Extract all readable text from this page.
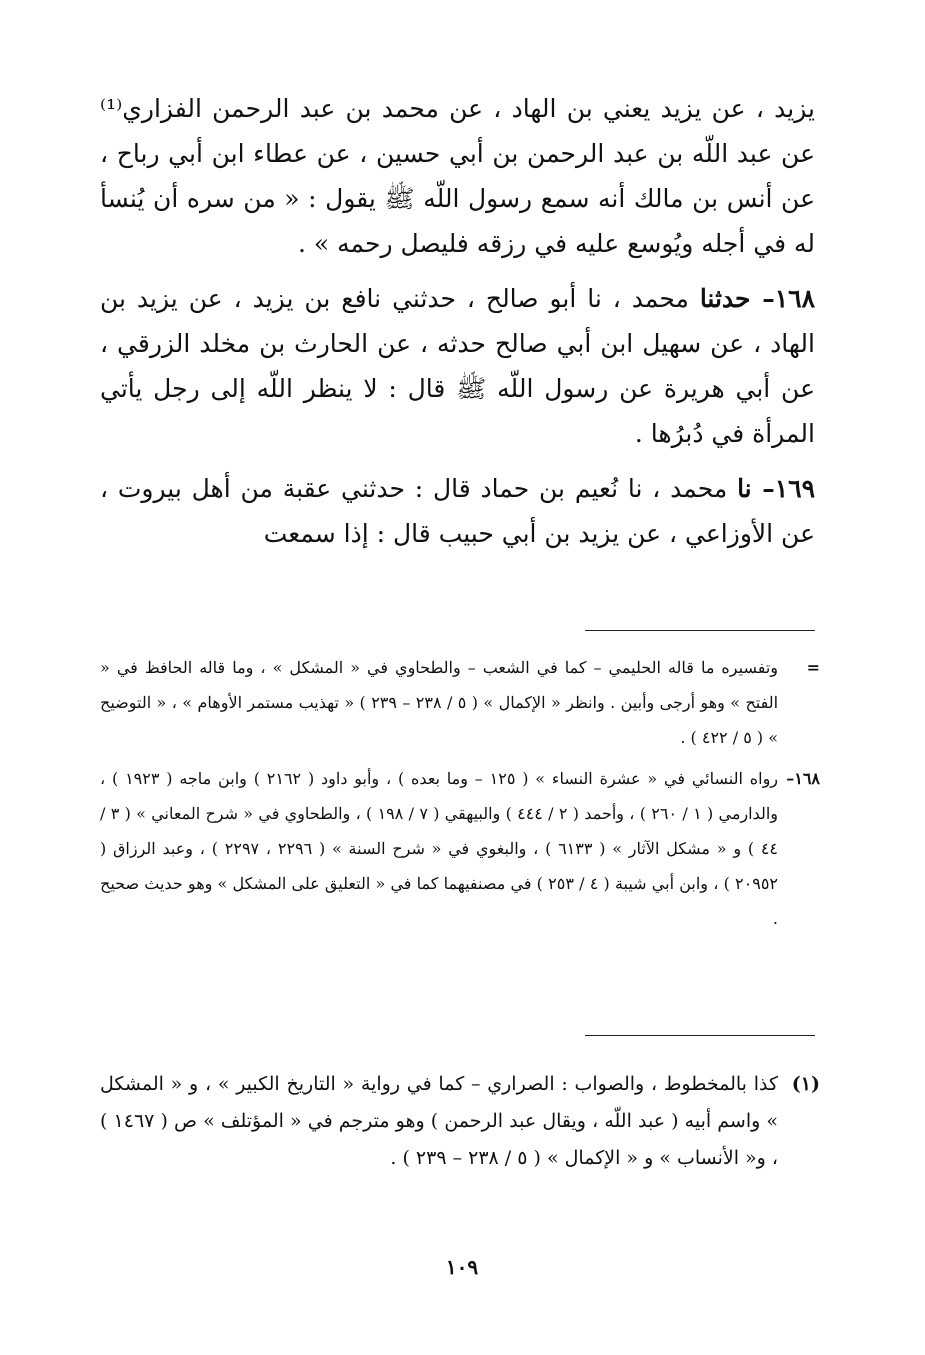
يزيد ، عن يزيد يعني بن الهاد ، عن محمد بن عبد الرحمن الفزاري⁽¹⁾ عن عبد اللّه بن عبد الرحمن بن أبي حسين ، عن عطاء ابن أبي رباح ، عن أنس بن مالك أنه سمع رسول اللّه ﷺ يقول : « من سره أن يُنسأ له في أجله ويُوسع عليه في رزقه فليصل رحمه » .

١٦٨– حدثنا محمد ، نا أبو صالح ، حدثني نافع بن يزيد ، عن يزيد بن الهاد ، عن سهيل ابن أبي صالح حدثه ، عن الحارث بن مخلد الزرقي ، عن أبي هريرة عن رسول اللّه ﷺ قال : لا ينظر اللّه إلى رجل يأتي المرأة في دُبرُها .

١٦٩– نا محمد ، نا نُعيم بن حماد قال : حدثني عقبة من أهل بيروت ، عن الأوزاعي ، عن يزيد بن أبي حبيب قال : إذا سمعت

=
وتفسيره ما قاله الحليمي – كما في الشعب – والطحاوي في « المشكل » ، وما قاله الحافظ في « الفتح » وهو أرجى وأبين . وانظر « الإكمال » ( ٥ / ٢٣٨ – ٢٣٩ ) « تهذيب مستمر الأوهام » ، « التوضيح » ( ٥ / ٤٢٢ ) .
١٦٨–
رواه النسائي في « عشرة النساء » ( ١٢٥ – وما بعده ) ، وأبو داود ( ٢١٦٢ ) وابن ماجه ( ١٩٢٣ ) ، والدارمي ( ١ / ٢٦٠ ) ، وأحمد ( ٢ / ٤٤٤ ) والبيهقي ( ٧ / ١٩٨ ) ، والطحاوي في « شرح المعاني » ( ٣ / ٤٤ ) و « مشكل الآثار » ( ٦١٣٣ ) ، والبغوي في « شرح السنة » ( ٢٢٩٦ ، ٢٢٩٧ ) ، وعبد الرزاق ( ٢٠٩٥٢ ) ، وابن أبي شيبة ( ٤ / ٢٥٣ ) في مصنفيهما كما في « التعليق على المشكل » وهو حديث صحيح .
(١)
كذا بالمخطوط ، والصواب : الصراري – كما في رواية « التاريخ الكبير » ، و « المشكل » واسم أبيه ( عبد اللّه ، ويقال عبد الرحمن ) وهو مترجم في « المؤتلف » ص ( ١٤٦٧ ) ، و« الأنساب » و « الإكمال » ( ٥ / ٢٣٨ – ٢٣٩ ) .
١٠٩
